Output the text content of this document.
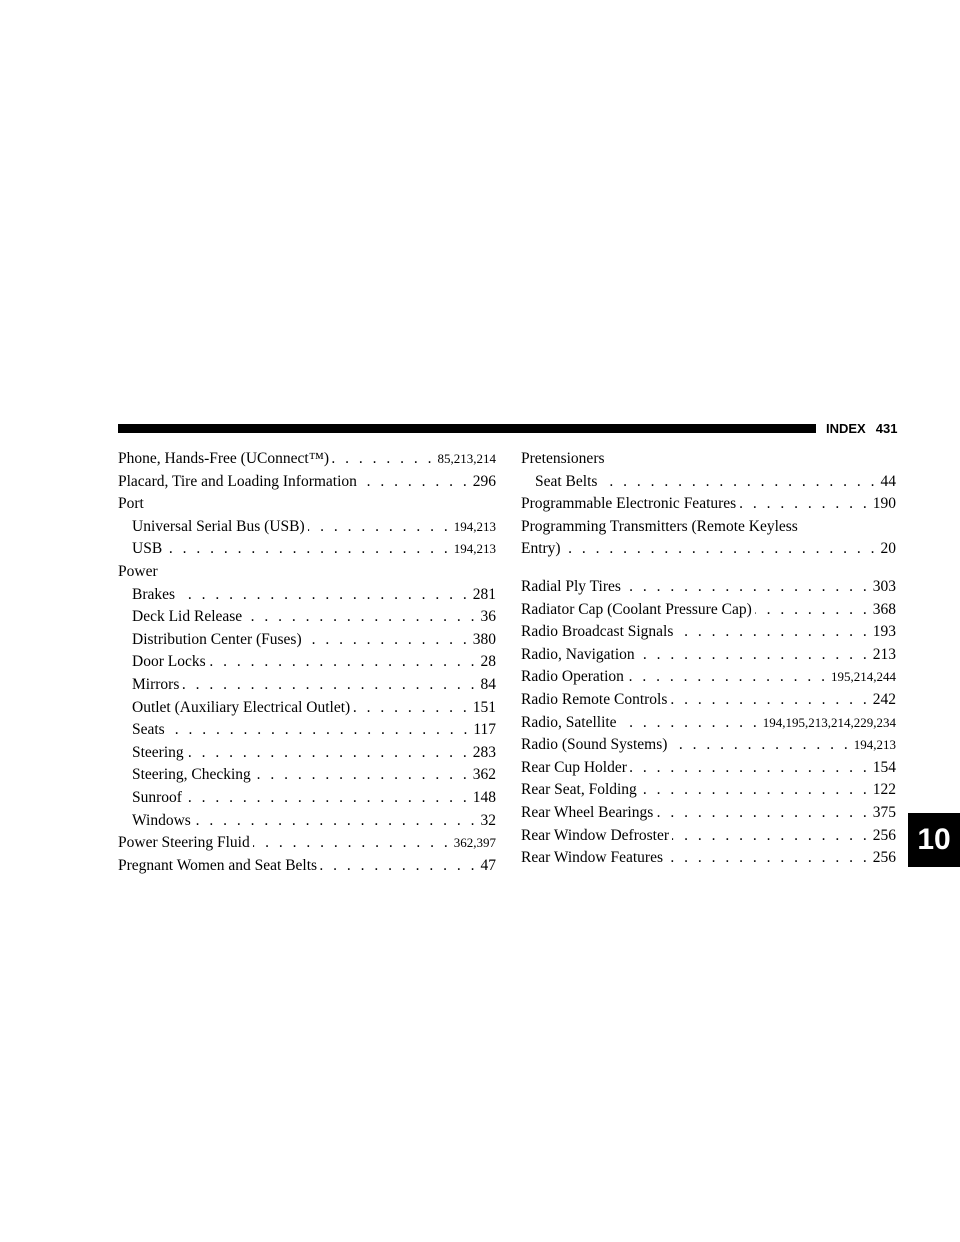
INDEX 431
10
Phone, Hands-Free (UConnect™) . . .	85,213,214
Placard, Tire and Loading Information . . .	296
Port
Universal Serial Bus (USB) . . .	194,213
USB . . .	194,213
Power
Brakes . . .	281
Deck Lid Release . . .	36
Distribution Center (Fuses) . . .	380
Door Locks . . .	28
Mirrors . . .	84
Outlet (Auxiliary Electrical Outlet) . . .	151
Seats . . .	117
Steering . . .	283
Steering, Checking . . .	362
Sunroof . . .	148
Windows . . .	32
Power Steering Fluid . . .	362,397
Pregnant Women and Seat Belts . . .	47
Pretensioners
Seat Belts . . .	44
Programmable Electronic Features . . .	190
Programming Transmitters (Remote Keyless
Entry) . . .	20
Radial Ply Tires . . .	303
Radiator Cap (Coolant Pressure Cap) . . .	368
Radio Broadcast Signals . . .	193
Radio, Navigation . . .	213
Radio Operation . . .	195,214,244
Radio Remote Controls . . .	242
Radio, Satellite . . .	194,195,213,214,229,234
Radio (Sound Systems) . . .	194,213
Rear Cup Holder . . .	154
Rear Seat, Folding . . .	122
Rear Wheel Bearings . . .	375
Rear Window Defroster . . .	256
Rear Window Features . . .	256
